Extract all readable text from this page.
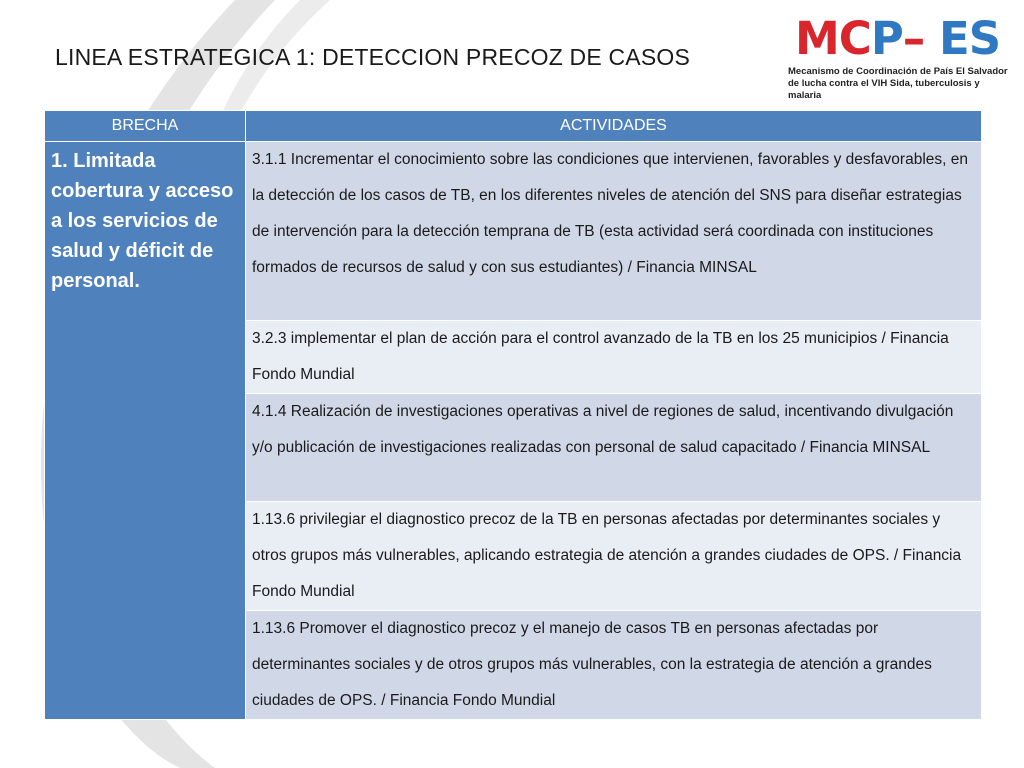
LINEA ESTRATEGICA 1: DETECCION PRECOZ DE CASOS MCP– ES
Mecanismo de Coordinación de País El Salvador
de lucha contra el VIH Sida, tuberculosis y malaria
BRECHA	ACTIVIDADES
1. Limitada cobertura y acceso a los servicios de salud y déficit de personal.	3.1.1 Incrementar el conocimiento sobre las condiciones que intervienen, favorables y desfavorables, en la detección de los casos de TB, en los diferentes niveles de atención del SNS para diseñar estrategias de intervención para la detección temprana de TB (esta actividad será coordinada con instituciones formados de recursos de salud y con sus estudiantes) / Financia MINSAL
	3.2.3 implementar el plan de acción para el control avanzado de la TB en los 25 municipios / Financia Fondo Mundial
	4.1.4 Realización de investigaciones operativas a nivel de regiones de salud, incentivando divulgación y/o publicación de investigaciones realizadas con personal de salud capacitado / Financia MINSAL
	1.13.6 privilegiar el diagnostico precoz de la TB en personas afectadas por determinantes sociales y otros grupos más vulnerables, aplicando estrategia de atención a grandes ciudades de OPS. / Financia Fondo Mundial
	1.13.6 Promover el diagnostico precoz y el manejo de casos TB en personas afectadas por determinantes sociales y de otros grupos más vulnerables, con la estrategia de atención a grandes ciudades de OPS. / Financia Fondo Mundial
